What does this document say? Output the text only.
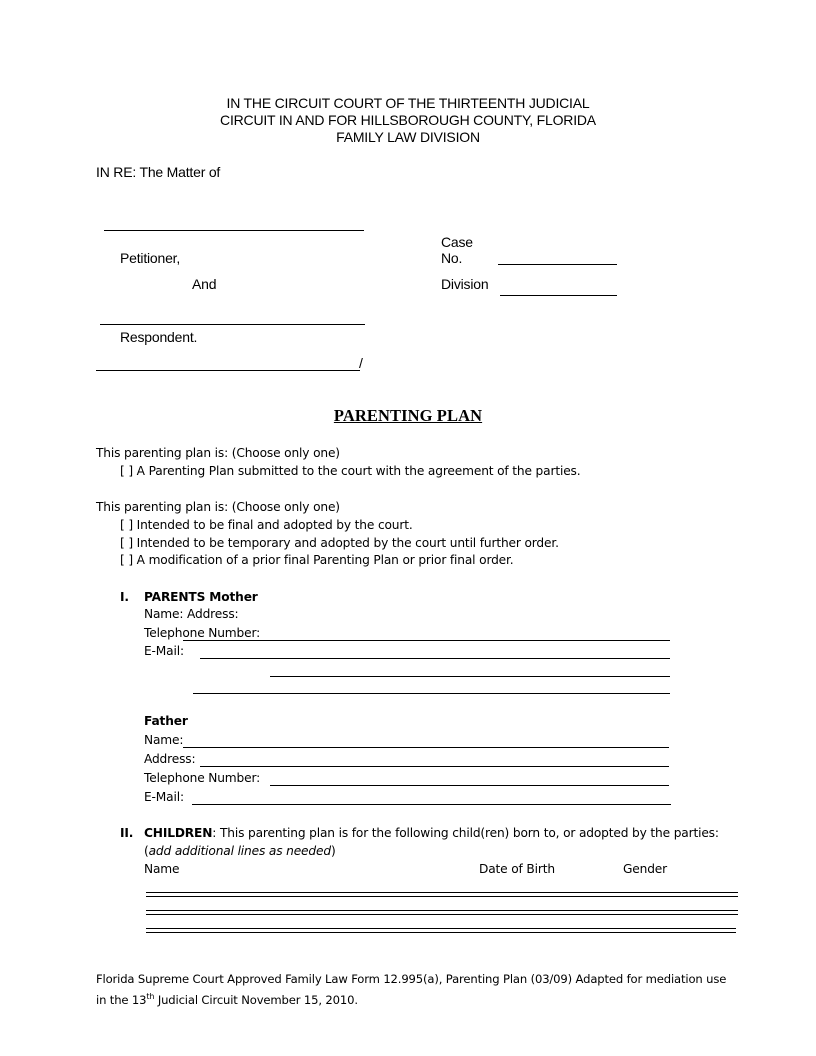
IN THE CIRCUIT COURT OF THE THIRTEENTH JUDICIAL
CIRCUIT IN AND FOR HILLSBOROUGH COUNTY, FLORIDA
FAMILY LAW DIVISION
IN RE: The Matter of
Petitioner,
And
Respondent.
/
Case
No.
Division
PARENTING PLAN
This parenting plan is: (Choose only one)
[ ] A Parenting Plan submitted to the court with the agreement of the parties.
This parenting plan is: (Choose only one)
[ ] Intended to be final and adopted by the court.
[ ] Intended to be temporary and adopted by the court until further order.
[ ] A modification of a prior final Parenting Plan or prior final order.
I. PARENTS Mother
Name: Address:
Telephone Number:
E-Mail:
Father
Name:
Address:
Telephone Number:
E-Mail:
II. CHILDREN: This parenting plan is for the following child(ren) born to, or adopted by the parties:
(add additional lines as needed)
Name	Date of Birth	Gender
Florida Supreme Court Approved Family Law Form 12.995(a), Parenting Plan (03/09) Adapted for mediation use
in the 13th Judicial Circuit November 15, 2010.
